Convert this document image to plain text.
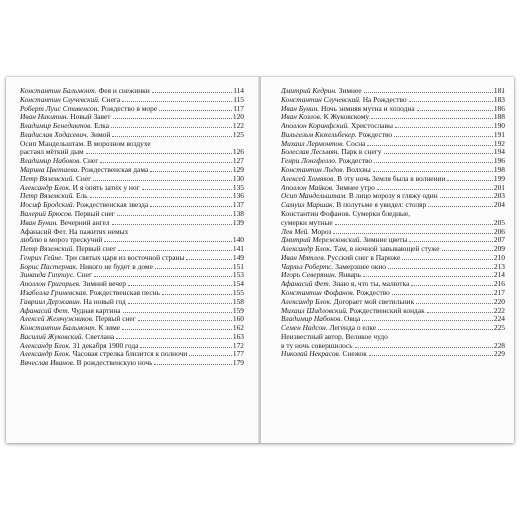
Константин Бальмонт. Фея и снежинки	114
Константин Случевский. Снега	115
Роберт Луис Стивенсон. Рождество в море	117
Иван Никитин. Новый Завет	120
Владимир Бенедиктов. Елка	122
Владислав Ходасевич. Зимой	125
Осип Мандельштам. В морозном воздухе
растаял мёткий дым	126
Владимир Набоков. Снег	127
Марина Цветаева. Рождественская дама	129
Петр Вяземский. Снег	130
Александр Блок. И я опять затих у ног	135
Петр Вяземский. Ель	136
Иосиф Бродский. Рождественская звезда	137
Валерий Брюсов. Первый снег	138
Иван Бунин. Вечерний ангел	139
Афанасий Фет. На пажитях немых
люблю в мороз трескучий	140
Петр Вяземский. Первый снег	141
Генрих Гейне. Три святых царя из восточной страны	149
Борис Пастернак. Никого не будет в доме	151
Зинаида Гиппиус. Снег	153
Аполлон Григорьев. Зимний вечер	154
Изабелла Гриневская. Рождественская песнь	155
Гавриил Державин. На новый год	158
Афанасий Фет. Чудная картина	159
Алексей Жемчужников. Первый снег	160
Константин Бальмонт. К зиме	162
Василий Жуковский. Светлана	163
Александр Блок. 31 декабря 1900 года	172
Александр Блок. Часовая стрелка близится к полночи	177
Вячеслав Иванов. В рождественскую ночь	179
Дмитрий Кедрин. Зимнее	181
Константин Случевский. На Рождество	183
Иван Бунин. Ночь зимняя мутна и холодна	186
Иван Козлов. К Жуковскому	188
Аполлон Коринфский. Христославы	190
Вильгельм Кюхельбекер. Рождество	191
Михаил Лермонтов. Сосна	192
Болеслав Лесьмян. Парк в снегу	194
Генри Лонгфелло. Рождество	196
Константин Льдов. Волхвы	198
Алексей Хомяков. В эту ночь Земля была в волнении	199
Аполлон Майков. Зимнее утро	201
Осип Мандельштам. В лицо морозу я гляжу один	203
Самуил Маршак. В полутьме я увидел: столяр	204
Константин Фофанов. Сумерки бледные,
сумерки мутные	205
Лев Мей. Мороз	206
Дмитрий Мережковский. Зимние цветы	207
Александр Блок. Там, в ночной завывающей стуже	209
Иван Мятлев. Русский снег в Париже	210
Чарльз Робертс. Замерзшее окно	213
Игорь Северянин. Январь	214
Афанасий Фет. Знаю я, что ты, малютка	216
Константин Фофанов. Рождество	217
Александр Блок. Догорает мой светильник	220
Михаил Шидловский. Рождественский кондак	222
Владимир Набоков. Овца	224
Семен Надсон. Легенда о елке	225
Неизвестный автор. Великое чудо
в ту ночь совершилось	228
Николай Некрасов. Снежок	229
